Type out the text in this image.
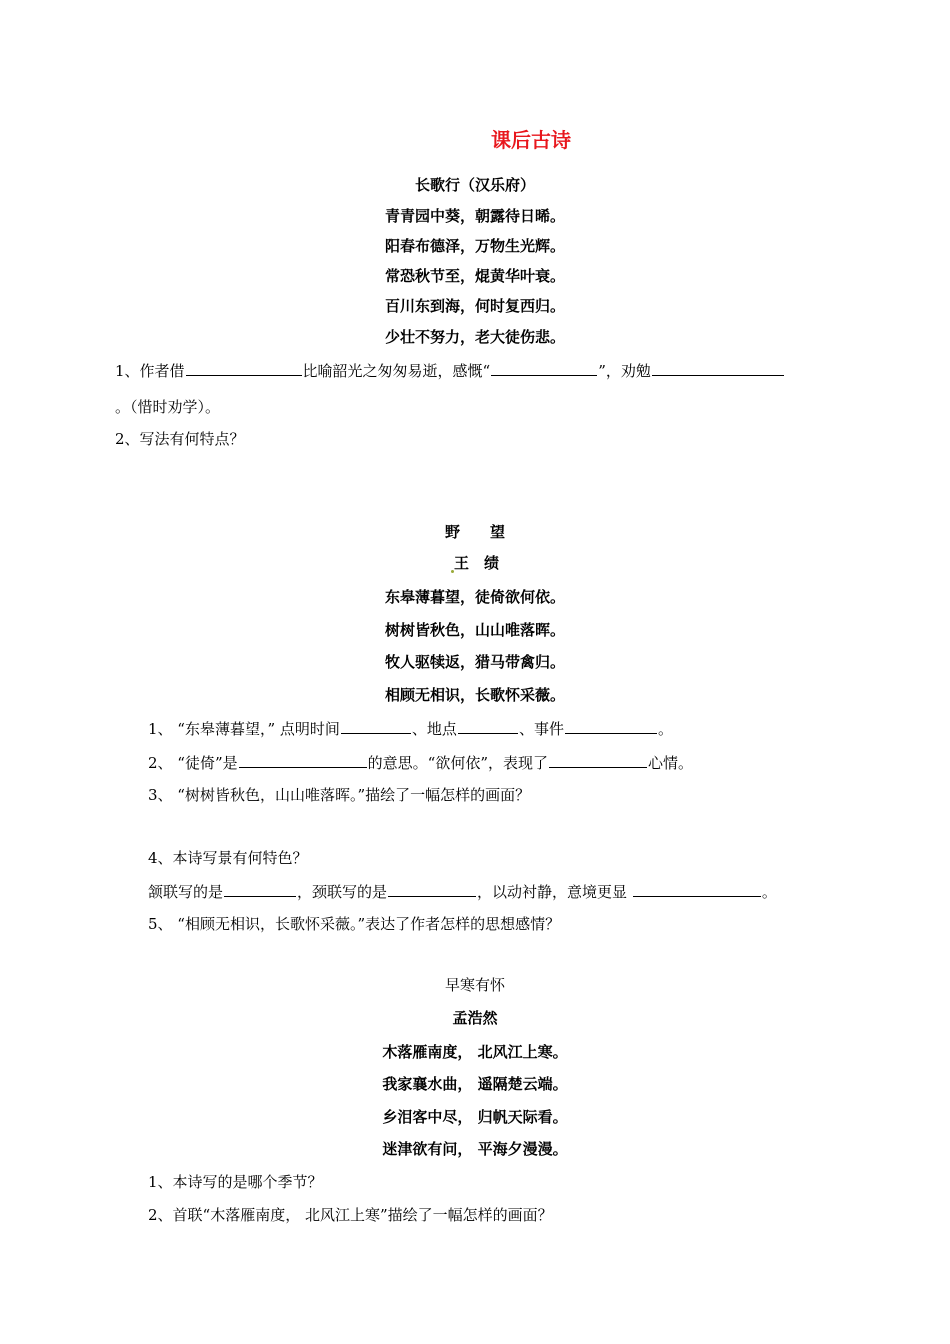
课后古诗
长歌行（汉乐府）
青青园中葵，朝露待日晞。
阳春布德泽，万物生光辉。
常恐秋节至，焜黄华叶衰。
百川东到海，何时复西归。
少壮不努力，老大徒伤悲。
1、作者借	比喻韶光之匆匆易逝，感慨“	”，劝勉
。（惜时劝学）。
2、写法有何特点？
野　　望
王　绩
东皋薄暮望，徒倚欲何依。
树树皆秋色，山山唯落晖。
牧人驱犊返，猎马带禽归。
相顾无相识，长歌怀采薇。
1、 “东皋薄暮望，” 点明时间	、地点	、事件	。
2、 “徒倚”是	的意思。“欲何依”，表现了	心情。
3、 “树树皆秋色，山山唯落晖。”描绘了一幅怎样的画面？
4、本诗写景有何特色？
颔联写的是	，颈联写的是	，以动衬静，意境更显	。
5、 “相顾无相识，长歌怀采薇。”表达了作者怎样的思想感情？
早寒有怀
孟浩然
木落雁南度， 北风江上寒。
我家襄水曲， 遥隔楚云端。
乡泪客中尽， 归帆天际看。
迷津欲有问， 平海夕漫漫。
1、本诗写的是哪个季节？
2、首联“木落雁南度， 北风江上寒”描绘了一幅怎样的画面？
